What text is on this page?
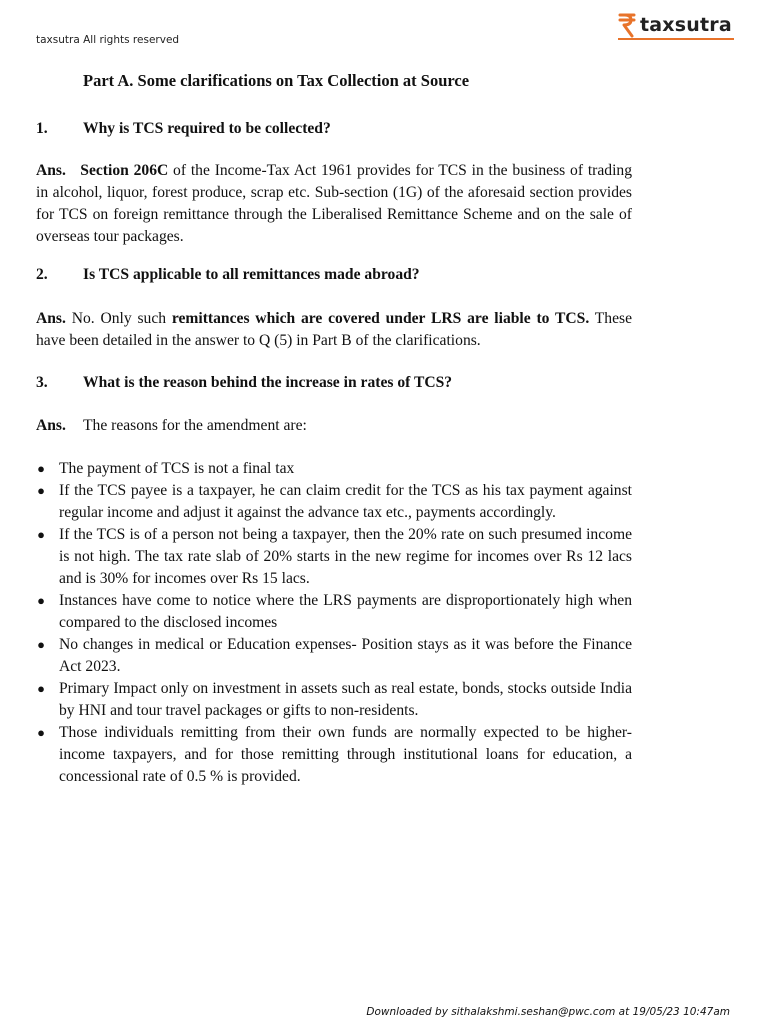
taxsutra All rights reserved
taxsutra
Part A. Some clarifications on Tax Collection at Source

1. Why is TCS required to be collected?

Ans. Section 206C of the Income-Tax Act 1961 provides for TCS in the business of trading in alcohol, liquor, forest produce, scrap etc. Sub-section (1G) of the aforesaid section provides for TCS on foreign remittance through the Liberalised Remittance Scheme and on the sale of overseas tour packages.

2. Is TCS applicable to all remittances made abroad?

Ans. No. Only such remittances which are covered under LRS are liable to TCS. These have been detailed in the answer to Q (5) in Part B of the clarifications.

3. What is the reason behind the increase in rates of TCS?

Ans. The reasons for the amendment are:

● The payment of TCS is not a final tax
● If the TCS payee is a taxpayer, he can claim credit for the TCS as his tax payment against regular income and adjust it against the advance tax etc., payments accordingly.
● If the TCS is of a person not being a taxpayer, then the 20% rate on such presumed income is not high. The tax rate slab of 20% starts in the new regime for incomes over Rs 12 lacs and is 30% for incomes over Rs 15 lacs.
● Instances have come to notice where the LRS payments are disproportionately high when compared to the disclosed incomes
● No changes in medical or Education expenses- Position stays as it was before the Finance Act 2023.
● Primary Impact only on investment in assets such as real estate, bonds, stocks outside India by HNI and tour travel packages or gifts to non-residents.
● Those individuals remitting from their own funds are normally expected to be higher-income taxpayers, and for those remitting through institutional loans for education, a concessional rate of 0.5 % is provided.
Downloaded by sithalakshmi.seshan@pwc.com at 19/05/23 10:47am
